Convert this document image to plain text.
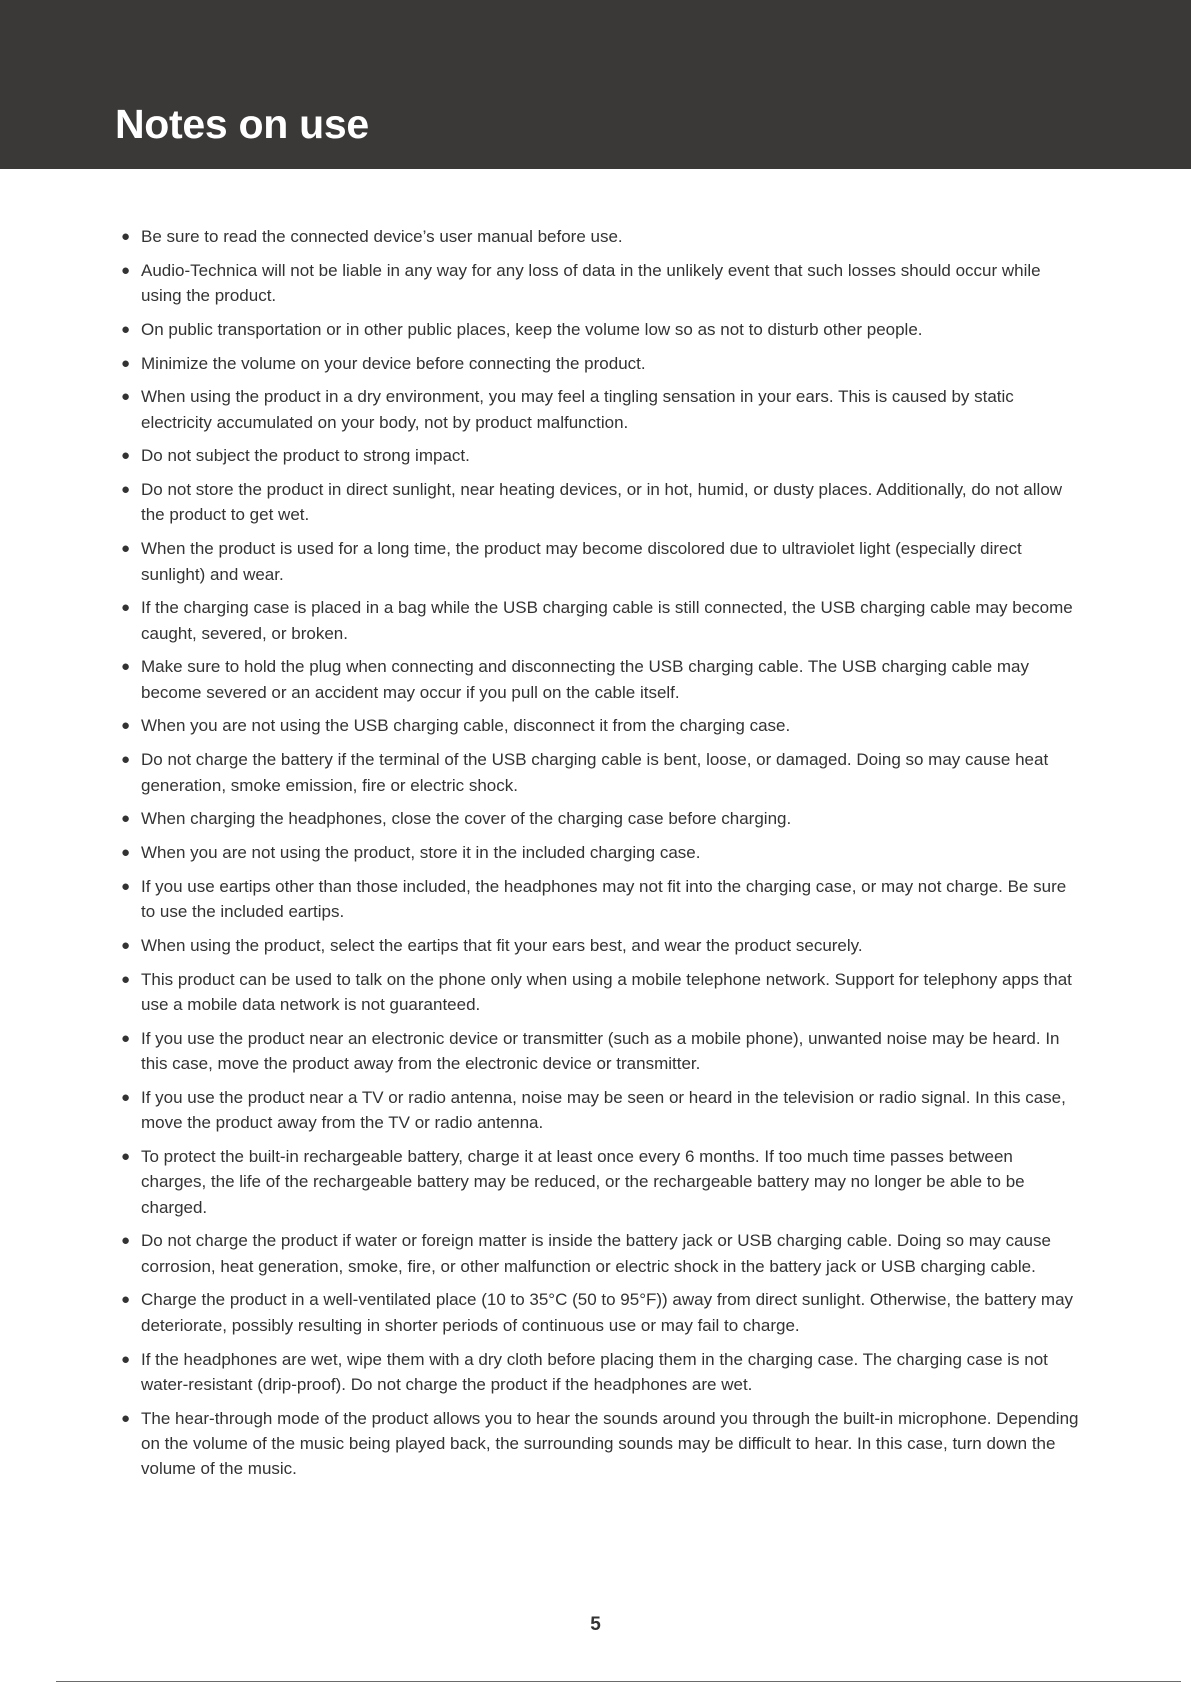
Notes on use
● Be sure to read the connected device’s user manual before use.
● Audio-Technica will not be liable in any way for any loss of data in the unlikely event that such losses should occur while using the product.
● On public transportation or in other public places, keep the volume low so as not to disturb other people.
● Minimize the volume on your device before connecting the product.
● When using the product in a dry environment, you may feel a tingling sensation in your ears. This is caused by static electricity accumulated on your body, not by product malfunction.
● Do not subject the product to strong impact.
● Do not store the product in direct sunlight, near heating devices, or in hot, humid, or dusty places. Additionally, do not allow the product to get wet.
● When the product is used for a long time, the product may become discolored due to ultraviolet light (especially direct sunlight) and wear.
● If the charging case is placed in a bag while the USB charging cable is still connected, the USB charging cable may become caught, severed, or broken.
● Make sure to hold the plug when connecting and disconnecting the USB charging cable. The USB charging cable may become severed or an accident may occur if you pull on the cable itself.
● When you are not using the USB charging cable, disconnect it from the charging case.
● Do not charge the battery if the terminal of the USB charging cable is bent, loose, or damaged. Doing so may cause heat generation, smoke emission, fire or electric shock.
● When charging the headphones, close the cover of the charging case before charging.
● When you are not using the product, store it in the included charging case.
● If you use eartips other than those included, the headphones may not fit into the charging case, or may not charge. Be sure to use the included eartips.
● When using the product, select the eartips that fit your ears best, and wear the product securely.
● This product can be used to talk on the phone only when using a mobile telephone network. Support for telephony apps that use a mobile data network is not guaranteed.
● If you use the product near an electronic device or transmitter (such as a mobile phone), unwanted noise may be heard. In this case, move the product away from the electronic device or transmitter.
● If you use the product near a TV or radio antenna, noise may be seen or heard in the television or radio signal. In this case, move the product away from the TV or radio antenna.
● To protect the built-in rechargeable battery, charge it at least once every 6 months. If too much time passes between charges, the life of the rechargeable battery may be reduced, or the rechargeable battery may no longer be able to be charged.
● Do not charge the product if water or foreign matter is inside the battery jack or USB charging cable. Doing so may cause corrosion, heat generation, smoke, fire, or other malfunction or electric shock in the battery jack or USB charging cable.
● Charge the product in a well-ventilated place (10 to 35°C (50 to 95°F)) away from direct sunlight. Otherwise, the battery may deteriorate, possibly resulting in shorter periods of continuous use or may fail to charge.
● If the headphones are wet, wipe them with a dry cloth before placing them in the charging case. The charging case is not water-resistant (drip-proof). Do not charge the product if the headphones are wet.
● The hear-through mode of the product allows you to hear the sounds around you through the built-in microphone. Depending on the volume of the music being played back, the surrounding sounds may be difficult to hear. In this case, turn down the volume of the music.
5
